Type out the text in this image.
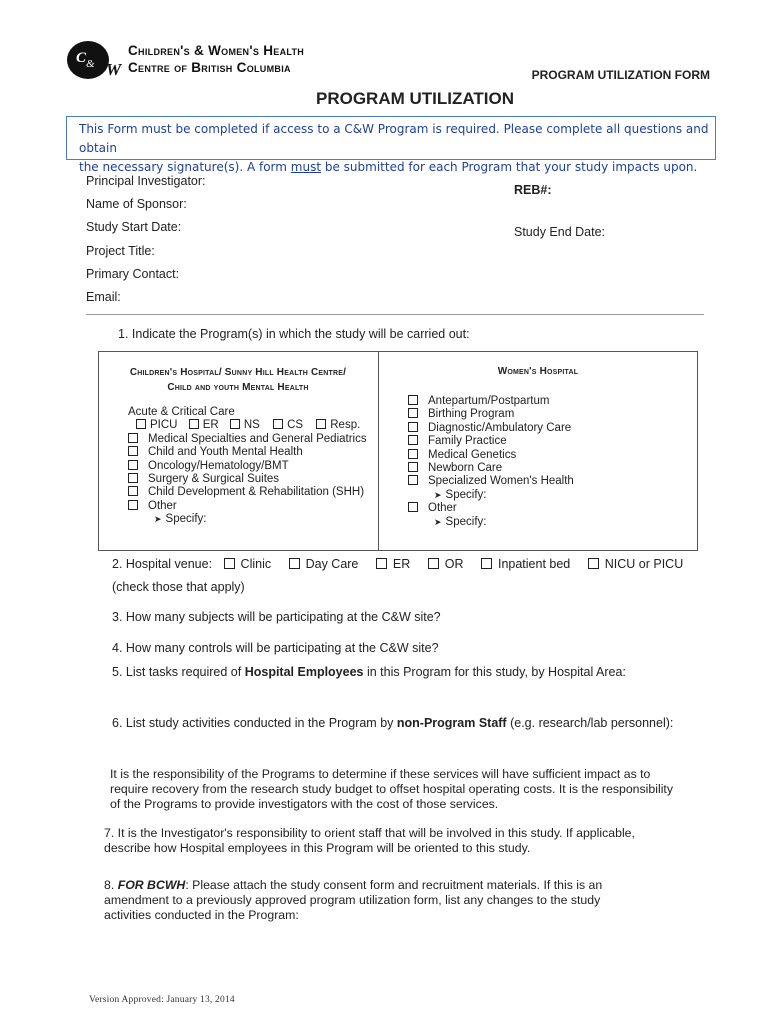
C & W
Children's & Women's Health
Centre of British Columbia	PROGRAM UTILIZATION FORM
PROGRAM UTILIZATION
This Form must be completed if access to a C&W Program is required. Please complete all questions and obtain
the necessary signature(s). A form must be submitted for each Program that your study impacts upon.
Principal Investigator:
REB#:
Name of Sponsor:
Study Start Date:	Study End Date:
Project Title:
Primary Contact:
Email:
1. Indicate the Program(s) in which the study will be carried out:
Children's Hospital/ Sunny Hill Health Centre/
Child and youth Mental Health
Women's Hospital
Acute & Critical Care
PICU ER NS CS Resp.
Medical Specialties and General Pediatrics
Child and Youth Mental Health
Oncology/Hematology/BMT
Surgery & Surgical Suites
Child Development & Rehabilitation (SHH)
Other
➤ Specify:
Antepartum/Postpartum
Birthing Program
Diagnostic/Ambulatory Care
Family Practice
Medical Genetics
Newborn Care
Specialized Women's Health
➤ Specify:
Other
➤ Specify:
2. Hospital venue: Clinic	Day Care	ER	OR	Inpatient bed	NICU or PICU
(check those that apply)
3. How many subjects will be participating at the C&W site?
4. How many controls will be participating at the C&W site?
5. List tasks required of Hospital Employees in this Program for this study, by Hospital Area:
6. List study activities conducted in the Program by non-Program Staff (e.g. research/lab personnel):
It is the responsibility of the Programs to determine if these services will have sufficient impact as to
require recovery from the research study budget to offset hospital operating costs. It is the responsibility
of the Programs to provide investigators with the cost of those services.
7. It is the Investigator's responsibility to orient staff that will be involved in this study. If applicable,
describe how Hospital employees in this Program will be oriented to this study.
8. FOR BCWH: Please attach the study consent form and recruitment materials. If this is an
amendment to a previously approved program utilization form, list any changes to the study
activities conducted in the Program:
Version Approved: January 13, 2014
